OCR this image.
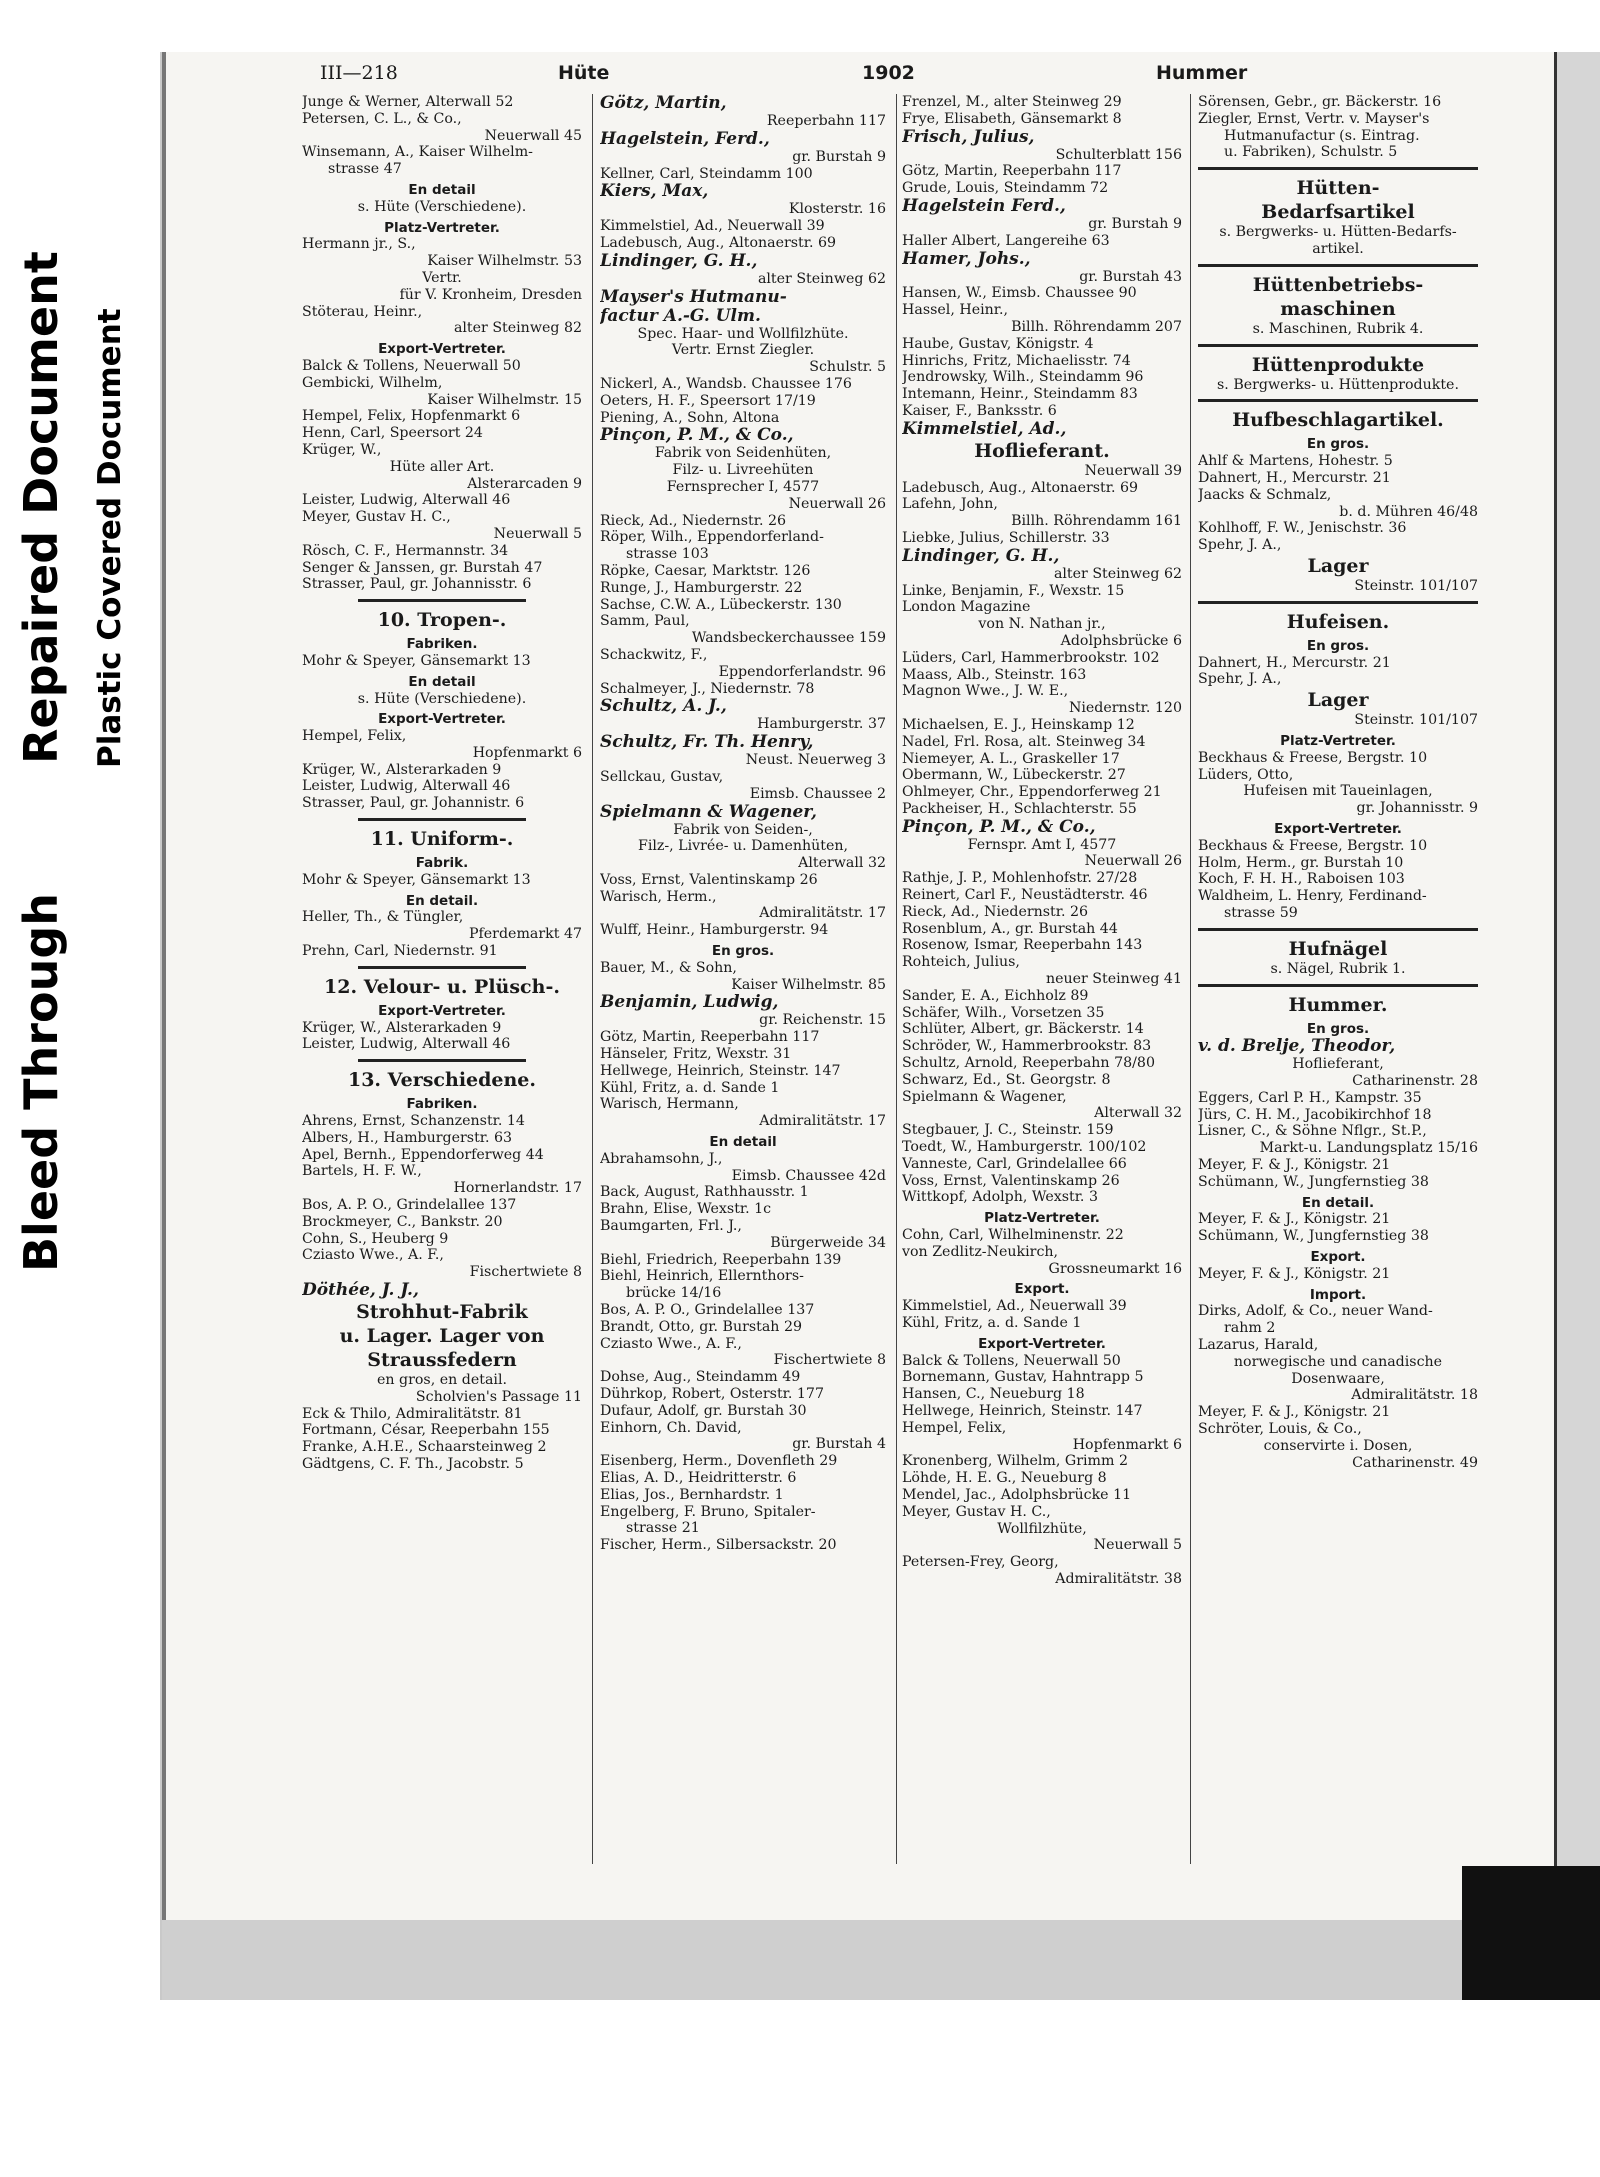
Bleed Through
Repaired Document Plastic Covered Document
III—218	Hüte	1902	Hummer
Junge & Werner, Alterwall 52
Petersen, C. L., & Co.,
Neuerwall 45
Winsemann, A., Kaiser Wilhelm-
strasse 47
En detail
s. Hüte (Verschiedene).
Platz-Vertreter.
Hermann jr., S.,
Kaiser Wilhelmstr. 53
Vertr.
für V. Kronheim, Dresden
Stöterau, Heinr.,
alter Steinweg 82
Export-Vertreter.
Balck & Tollens, Neuerwall 50
Gembicki, Wilhelm,
Kaiser Wilhelmstr. 15
Hempel, Felix, Hopfenmarkt 6
Henn, Carl, Speersort 24
Krüger, W.,
Hüte aller Art.
Alsterarcaden 9
Leister, Ludwig, Alterwall 46
Meyer, Gustav H. C.,
Neuerwall 5
Rösch, C. F., Hermannstr. 34
Senger & Janssen, gr. Burstah 47
Strasser, Paul, gr. Johannisstr. 6
10. Tropen-.
Fabriken.
Mohr & Speyer, Gänsemarkt 13
En detail
s. Hüte (Verschiedene).
Export-Vertreter.
Hempel, Felix,
Hopfenmarkt 6
Krüger, W., Alsterarkaden 9
Leister, Ludwig, Alterwall 46
Strasser, Paul, gr. Johannistr. 6
11. Uniform-.
Fabrik.
Mohr & Speyer, Gänsemarkt 13
En detail.
Heller, Th., & Tüngler,
Pferdemarkt 47
Prehn, Carl, Niedernstr. 91
12. Velour- u. Plüsch-.
Export-Vertreter.
Krüger, W., Alsterarkaden 9
Leister, Ludwig, Alterwall 46
13. Verschiedene.
Fabriken.
Ahrens, Ernst, Schanzenstr. 14
Albers, H., Hamburgerstr. 63
Apel, Bernh., Eppendorferweg 44
Bartels, H. F. W.,
Hornerlandstr. 17
Bos, A. P. O., Grindelallee 137
Brockmeyer, C., Bankstr. 20
Cohn, S., Heuberg 9
Cziasto Wwe., A. F.,
Fischertwiete 8
Döthée, J. J.,
Strohhut-Fabrik
u. Lager. Lager von
Straussfedern
en gros, en detail.
Scholvien's Passage 11
Eck & Thilo, Admiralitätstr. 81
Fortmann, César, Reeperbahn 155
Franke, A.H.E., Schaarsteinweg 2
Gädtgens, C. F. Th., Jacobstr. 5
Götz, Martin,
Reeperbahn 117
Hagelstein, Ferd.,
gr. Burstah 9
Kellner, Carl, Steindamm 100
Kiers, Max,
Klosterstr. 16
Kimmelstiel, Ad., Neuerwall 39
Ladebusch, Aug., Altonaerstr. 69
Lindinger, G. H.,
alter Steinweg 62
Mayser's Hutmanu-
factur A.-G. Ulm.
Spec. Haar- und Wollfilzhüte.
Vertr. Ernst Ziegler.
Schulstr. 5
Nickerl, A., Wandsb. Chaussee 176
Oeters, H. F., Speersort 17/19
Piening, A., Sohn, Altona
Pinçon, P. M., & Co.,
Fabrik von Seidenhüten,
Filz- u. Livreehüten
Fernsprecher I, 4577
Neuerwall 26
Rieck, Ad., Niedernstr. 26
Röper, Wilh., Eppendorferland-
strasse 103
Röpke, Caesar, Marktstr. 126
Runge, J., Hamburgerstr. 22
Sachse, C.W. A., Lübeckerstr. 130
Samm, Paul,
Wandsbeckerchaussee 159
Schackwitz, F.,
Eppendorferlandstr. 96
Schalmeyer, J., Niedernstr. 78
Schultz, A. J.,
Hamburgerstr. 37
Schultz, Fr. Th. Henry,
Neust. Neuerweg 3
Sellckau, Gustav,
Eimsb. Chaussee 2
Spielmann & Wagener,
Fabrik von Seiden-,
Filz-, Livrée- u. Damenhüten,
Alterwall 32
Voss, Ernst, Valentinskamp 26
Warisch, Herm.,
Admiralitätstr. 17
Wulff, Heinr., Hamburgerstr. 94
En gros.
Bauer, M., & Sohn,
Kaiser Wilhelmstr. 85
Benjamin, Ludwig,
gr. Reichenstr. 15
Götz, Martin, Reeperbahn 117
Hänseler, Fritz, Wexstr. 31
Hellwege, Heinrich, Steinstr. 147
Kühl, Fritz, a. d. Sande 1
Warisch, Hermann,
Admiralitätstr. 17
En detail
Abrahamsohn, J.,
Eimsb. Chaussee 42d
Back, August, Rathhausstr. 1
Brahn, Elise, Wexstr. 1c
Baumgarten, Frl. J.,
Bürgerweide 34
Biehl, Friedrich, Reeperbahn 139
Biehl, Heinrich, Ellernthors-
brücke 14/16
Bos, A. P. O., Grindelallee 137
Brandt, Otto, gr. Burstah 29
Cziasto Wwe., A. F.,
Fischertwiete 8
Dohse, Aug., Steindamm 49
Dührkop, Robert, Osterstr. 177
Dufaur, Adolf, gr. Burstah 30
Einhorn, Ch. David,
gr. Burstah 4
Eisenberg, Herm., Dovenfleth 29
Elias, A. D., Heidritterstr. 6
Elias, Jos., Bernhardstr. 1
Engelberg, F. Bruno, Spitaler-
strasse 21
Fischer, Herm., Silbersackstr. 20
Frenzel, M., alter Steinweg 29
Frye, Elisabeth, Gänsemarkt 8
Frisch, Julius,
Schulterblatt 156
Götz, Martin, Reeperbahn 117
Grude, Louis, Steindamm 72
Hagelstein Ferd.,
gr. Burstah 9
Haller Albert, Langereihe 63
Hamer, Johs.,
gr. Burstah 43
Hansen, W., Eimsb. Chaussee 90
Hassel, Heinr.,
Billh. Röhrendamm 207
Haube, Gustav, Königstr. 4
Hinrichs, Fritz, Michaelisstr. 74
Jendrowsky, Wilh., Steindamm 96
Intemann, Heinr., Steindamm 83
Kaiser, F., Banksstr. 6
Kimmelstiel, Ad.,
Hoflieferant.
Neuerwall 39
Ladebusch, Aug., Altonaerstr. 69
Lafehn, John,
Billh. Röhrendamm 161
Liebke, Julius, Schillerstr. 33
Lindinger, G. H.,
alter Steinweg 62
Linke, Benjamin, F., Wexstr. 15
London Magazine
von N. Nathan jr.,
Adolphsbrücke 6
Lüders, Carl, Hammerbrookstr. 102
Maass, Alb., Steinstr. 163
Magnon Wwe., J. W. E.,
Niedernstr. 120
Michaelsen, E. J., Heinskamp 12
Nadel, Frl. Rosa, alt. Steinweg 34
Niemeyer, A. L., Graskeller 17
Obermann, W., Lübeckerstr. 27
Ohlmeyer, Chr., Eppendorferweg 21
Packheiser, H., Schlachterstr. 55
Pinçon, P. M., & Co.,
Fernspr. Amt I, 4577
Neuerwall 26
Rathje, J. P., Mohlenhofstr. 27/28
Reinert, Carl F., Neustädterstr. 46
Rieck, Ad., Niedernstr. 26
Rosenblum, A., gr. Burstah 44
Rosenow, Ismar, Reeperbahn 143
Rohteich, Julius,
neuer Steinweg 41
Sander, E. A., Eichholz 89
Schäfer, Wilh., Vorsetzen 35
Schlüter, Albert, gr. Bäckerstr. 14
Schröder, W., Hammerbrookstr. 83
Schultz, Arnold, Reeperbahn 78/80
Schwarz, Ed., St. Georgstr. 8
Spielmann & Wagener,
Alterwall 32
Stegbauer, J. C., Steinstr. 159
Toedt, W., Hamburgerstr. 100/102
Vanneste, Carl, Grindelallee 66
Voss, Ernst, Valentinskamp 26
Wittkopf, Adolph, Wexstr. 3
Platz-Vertreter.
Cohn, Carl, Wilhelminenstr. 22
von Zedlitz-Neukirch,
Grossneumarkt 16
Export.
Kimmelstiel, Ad., Neuerwall 39
Kühl, Fritz, a. d. Sande 1
Export-Vertreter.
Balck & Tollens, Neuerwall 50
Bornemann, Gustav, Hahntrapp 5
Hansen, C., Neueburg 18
Hellwege, Heinrich, Steinstr. 147
Hempel, Felix,
Hopfenmarkt 6
Kronenberg, Wilhelm, Grimm 2
Löhde, H. E. G., Neueburg 8
Mendel, Jac., Adolphsbrücke 11
Meyer, Gustav H. C.,
Wollfilzhüte,
Neuerwall 5
Petersen-Frey, Georg,
Admiralitätstr. 38
Sörensen, Gebr., gr. Bäckerstr. 16
Ziegler, Ernst, Vertr. v. Mayser's
Hutmanufactur (s. Eintrag.
u. Fabriken), Schulstr. 5
Hütten-
Bedarfsartikel
s. Bergwerks- u. Hütten-Bedarfs-
artikel.
Hüttenbetriebs-
maschinen
s. Maschinen, Rubrik 4.
Hüttenprodukte
s. Bergwerks- u. Hüttenprodukte.
Hufbeschlagartikel.
En gros.
Ahlf & Martens, Hohestr. 5
Dahnert, H., Mercurstr. 21
Jaacks & Schmalz,
b. d. Mühren 46/48
Kohlhoff, F. W., Jenischstr. 36
Spehr, J. A.,
Lager
Steinstr. 101/107
Hufeisen.
En gros.
Dahnert, H., Mercurstr. 21
Spehr, J. A.,
Lager
Steinstr. 101/107
Platz-Vertreter.
Beckhaus & Freese, Bergstr. 10
Lüders, Otto,
Hufeisen mit Taueinlagen,
gr. Johannisstr. 9
Export-Vertreter.
Beckhaus & Freese, Bergstr. 10
Holm, Herm., gr. Burstah 10
Koch, F. H. H., Raboisen 103
Waldheim, L. Henry, Ferdinand-
strasse 59
Hufnägel
s. Nägel, Rubrik 1.
Hummer.
En gros.
v. d. Brelje, Theodor,
Hoflieferant,
Catharinenstr. 28
Eggers, Carl P. H., Kampstr. 35
Jürs, C. H. M., Jacobikirchhof 18
Lisner, C., & Söhne Nflgr., St.P.,
Markt-u. Landungsplatz 15/16
Meyer, F. & J., Königstr. 21
Schümann, W., Jungfernstieg 38
En detail.
Meyer, F. & J., Königstr. 21
Schümann, W., Jungfernstieg 38
Export.
Meyer, F. & J., Königstr. 21
Import.
Dirks, Adolf, & Co., neuer Wand-
rahm 2
Lazarus, Harald,
norwegische und canadische
Dosenwaare,
Admiralitätstr. 18
Meyer, F. & J., Königstr. 21
Schröter, Louis, & Co.,
conservirte i. Dosen,
Catharinenstr. 49
